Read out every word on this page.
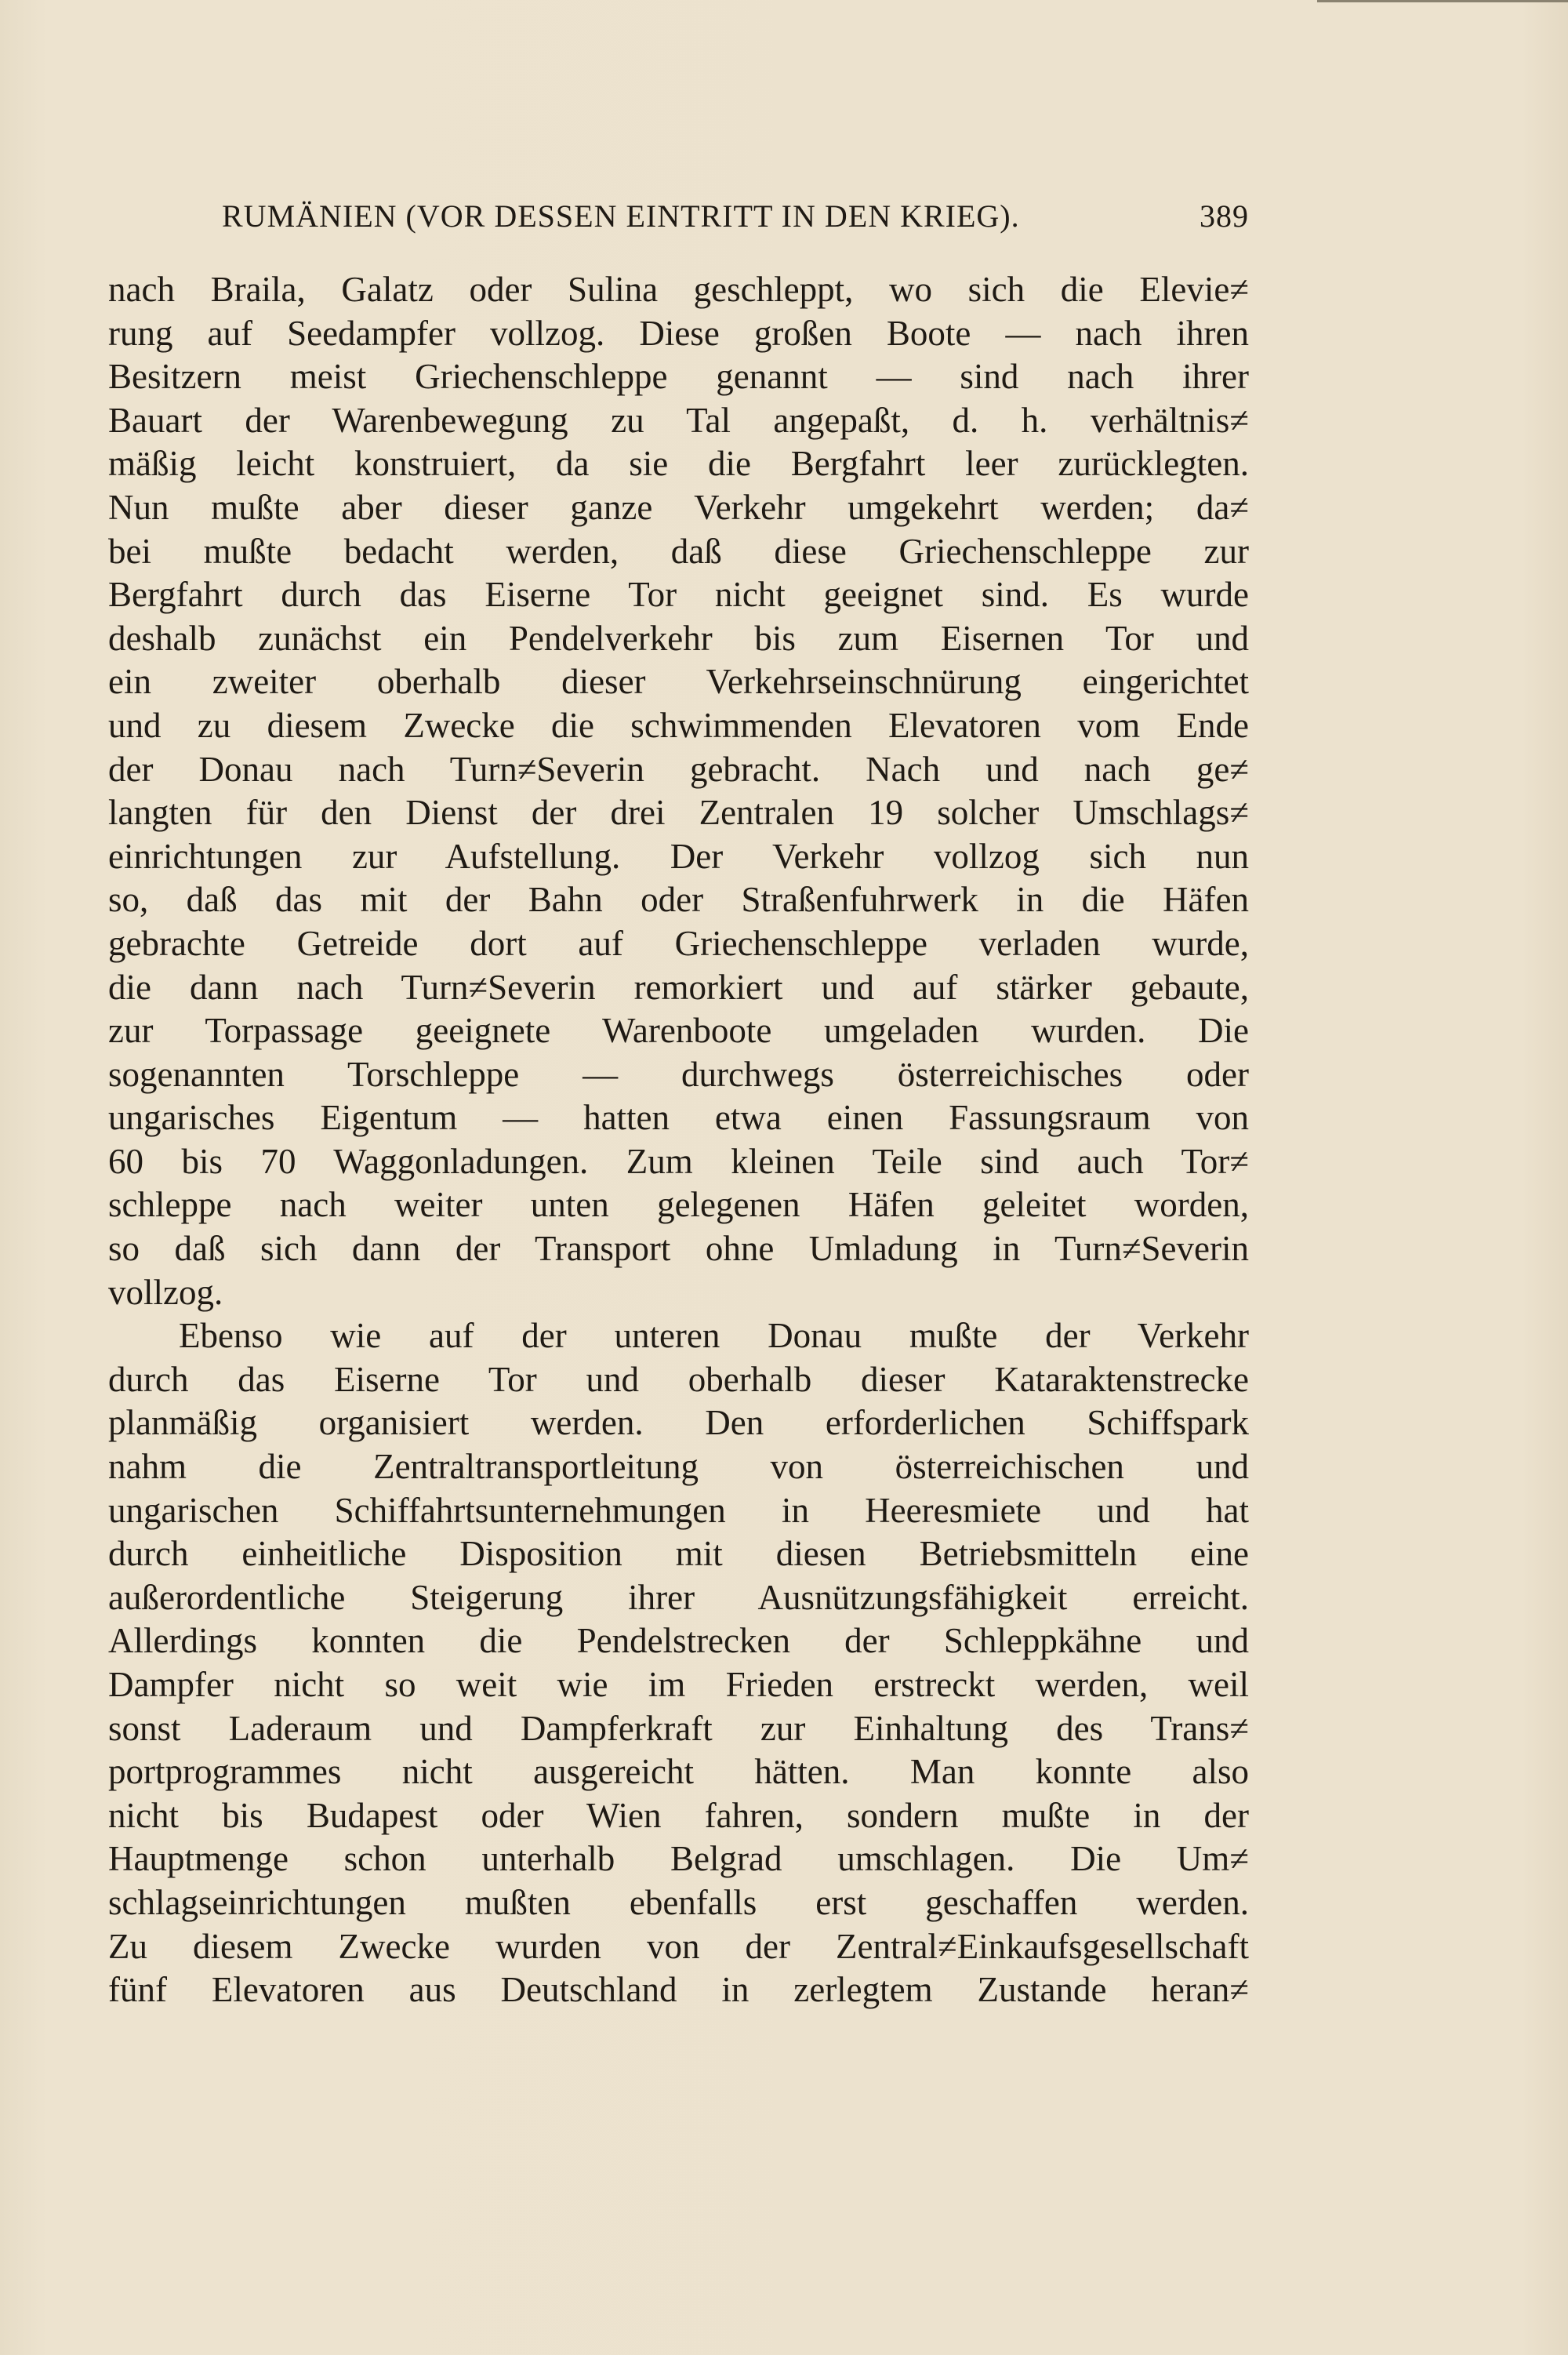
RUMÄNIEN (VOR DESSEN EINTRITT IN DEN KRIEG).	389
nach Braila, Galatz oder Sulina geschleppt, wo sich die Elevie≠
rung auf Seedampfer vollzog. Diese großen Boote — nach ihren
Besitzern meist Griechenschleppe genannt — sind nach ihrer
Bauart der Warenbewegung zu Tal angepaßt, d. h. verhältnis≠
mäßig leicht konstruiert, da sie die Bergfahrt leer zurücklegten.
Nun mußte aber dieser ganze Verkehr umgekehrt werden; da≠
bei mußte bedacht werden, daß diese Griechenschleppe zur
Bergfahrt durch das Eiserne Tor nicht geeignet sind. Es wurde
deshalb zunächst ein Pendelverkehr bis zum Eisernen Tor und
ein zweiter oberhalb dieser Verkehrseinschnürung eingerichtet
und zu diesem Zwecke die schwimmenden Elevatoren vom Ende
der Donau nach Turn≠Severin gebracht. Nach und nach ge≠
langten für den Dienst der drei Zentralen 19 solcher Umschlags≠
einrichtungen zur Aufstellung. Der Verkehr vollzog sich nun
so, daß das mit der Bahn oder Straßenfuhrwerk in die Häfen
gebrachte Getreide dort auf Griechenschleppe verladen wurde,
die dann nach Turn≠Severin remorkiert und auf stärker gebaute,
zur Torpassage geeignete Warenboote umgeladen wurden. Die
sogenannten Torschleppe — durchwegs österreichisches oder
ungarisches Eigentum — hatten etwa einen Fassungsraum von
60 bis 70 Waggonladungen. Zum kleinen Teile sind auch Tor≠
schleppe nach weiter unten gelegenen Häfen geleitet worden,
so daß sich dann der Transport ohne Umladung in Turn≠Severin
vollzog.
Ebenso wie auf der unteren Donau mußte der Verkehr
durch das Eiserne Tor und oberhalb dieser Kataraktenstrecke
planmäßig organisiert werden. Den erforderlichen Schiffspark
nahm die Zentraltransportleitung von österreichischen und
ungarischen Schiffahrtsunternehmungen in Heeresmiete und hat
durch einheitliche Disposition mit diesen Betriebsmitteln eine
außerordentliche Steigerung ihrer Ausnützungsfähigkeit erreicht.
Allerdings konnten die Pendelstrecken der Schleppkähne und
Dampfer nicht so weit wie im Frieden erstreckt werden, weil
sonst Laderaum und Dampferkraft zur Einhaltung des Trans≠
portprogrammes nicht ausgereicht hätten. Man konnte also
nicht bis Budapest oder Wien fahren, sondern mußte in der
Hauptmenge schon unterhalb Belgrad umschlagen. Die Um≠
schlagseinrichtungen mußten ebenfalls erst geschaffen werden.
Zu diesem Zwecke wurden von der Zentral≠Einkaufsgesellschaft
fünf Elevatoren aus Deutschland in zerlegtem Zustande heran≠
